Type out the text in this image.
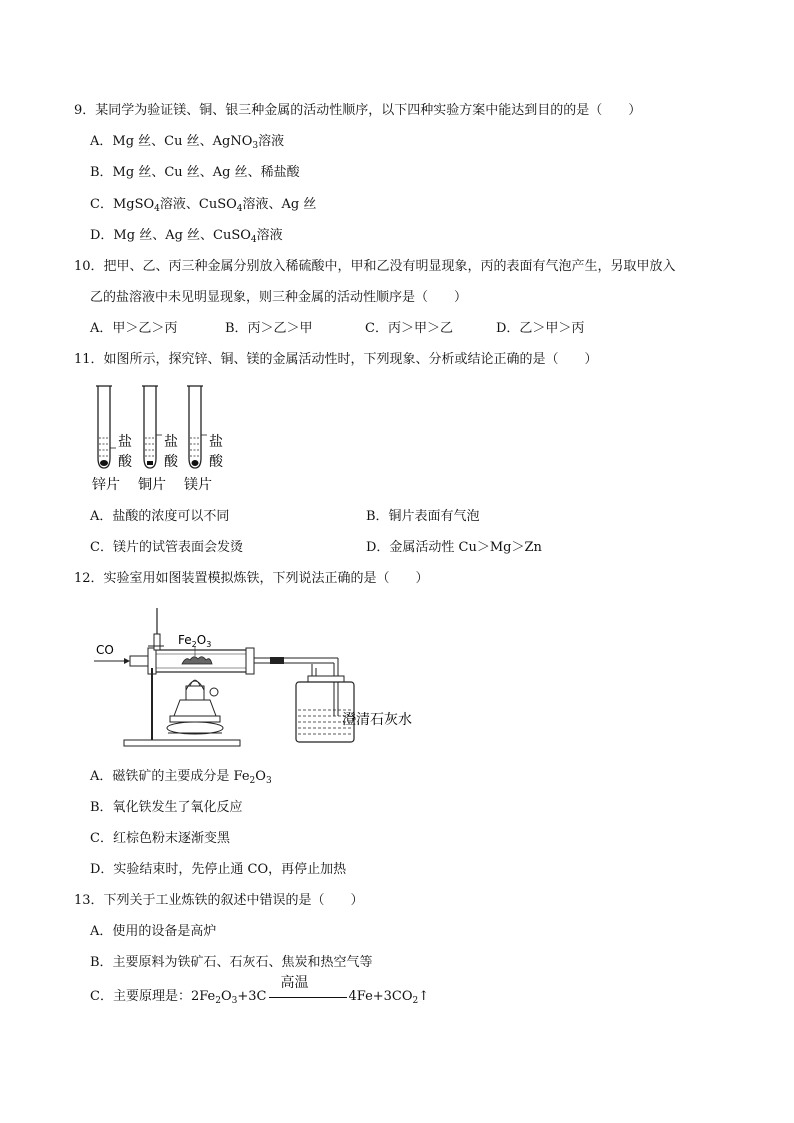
9．某同学为验证镁、铜、银三种金属的活动性顺序，以下四种实验方案中能达到目的的是（　　）
A．Mg 丝、Cu 丝、AgNO$_3$溶液
B．Mg 丝、Cu 丝、Ag 丝、稀盐酸
C．MgSO$_4$溶液、CuSO$_4$溶液、Ag 丝
D．Mg 丝、Ag 丝、CuSO$_4$溶液
10．把甲、乙、丙三种金属分别放入稀硫酸中，甲和乙没有明显现象，丙的表面有气泡产生，另取甲放入
乙的盐溶液中未见明显现象，则三种金属的活动性顺序是（　　）
A．甲＞乙＞丙	B．丙＞乙＞甲	C．丙＞甲＞乙	D．乙＞甲＞丙
11．如图所示，探究锌、铜、镁的金属活动性时，下列现象、分析或结论正确的是（　　）
盐
酸
盐
酸
盐
酸
锌片 铜片 镁片
A．盐酸的浓度可以不同	B．铜片表面有气泡
C．镁片的试管表面会发烫	D．金属活动性 Cu＞Mg＞Zn
12．实验室用如图装置模拟炼铁，下列说法正确的是（　　）
CO
$Fe_2O_3$
澄清石灰水
A．磁铁矿的主要成分是 $Fe_2O_3$
B．氧化铁发生了氧化反应
C．红棕色粉末逐渐变黑
D．实验结束时，先停止通 CO，再停止加热
13．下列关于工业炼铁的叙述中错误的是（　　）
A．使用的设备是高炉
B．主要原料为铁矿石、石灰石、焦炭和热空气等
C．主要原理是：$2Fe_2O_3+3C$
高温
$4Fe+3CO_2↑$
